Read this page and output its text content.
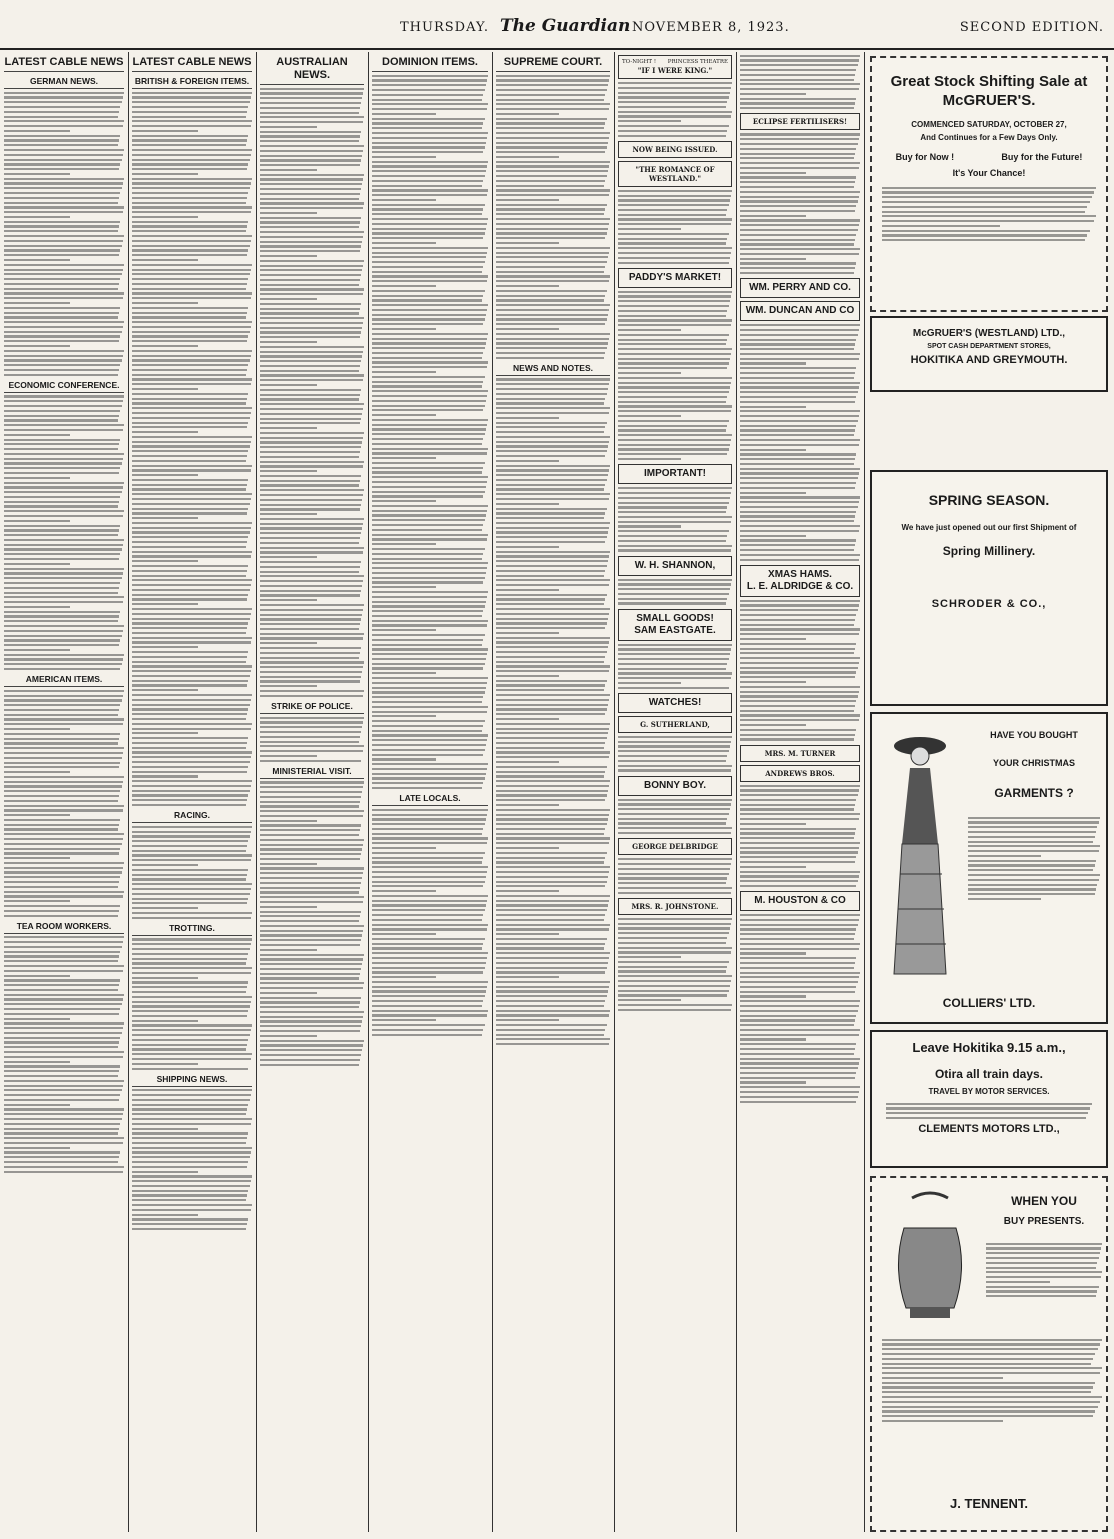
THURSDAY. The Guardian NOVEMBER 8, 1923.	SECOND EDITION.
LATEST CABLE NEWS
GERMAN NEWS.
ECONOMIC CONFERENCE.
AMERICAN ITEMS.
TEA ROOM WORKERS.
LATEST CABLE NEWS
BRITISH & FOREIGN ITEMS.
RACING.
TROTTING.
SHIPPING NEWS.
AUSTRALIAN NEWS.
STRIKE OF POLICE.
MINISTERIAL VISIT.
DOMINION ITEMS.
LATE LOCALS.
SUPREME COURT.
NEWS AND NOTES.
TO-NIGHT ! PRINCESS THEATRE
"IF I WERE KING."
NOW BEING ISSUED.
"THE ROMANCE OF WESTLAND."
PADDY'S MARKET!
IMPORTANT!
W. H. SHANNON,
SMALL GOODS!
SAM EASTGATE.
WATCHES!
G. SUTHERLAND,
BONNY BOY.
GEORGE DELBRIDGE
MRS. R. JOHNSTONE.
ECLIPSE FERTILISERS!
WM. PERRY AND CO.
WM. DUNCAN AND CO
XMAS HAMS.
L. E. ALDRIDGE & CO.
MRS. M. TURNER
ANDREWS BROS.
M. HOUSTON & CO
Great Stock Shifting Sale at McGRUER'S.
COMMENCED SATURDAY, OCTOBER 27,
And Continues for a Few Days Only.
Buy for Now !	Buy for the Future!
It's Your Chance!
McGRUER'S (WESTLAND) LTD.,
SPOT CASH DEPARTMENT STORES,
HOKITIKA AND GREYMOUTH.
SPRING SEASON.
We have just opened out our first Shipment of
Spring Millinery.
SCHRODER & CO.,
HAVE YOU BOUGHT
YOUR CHRISTMAS
GARMENTS ?
COLLIERS' LTD.
Leave Hokitika 9.15 a.m.,
Otira all train days.
TRAVEL BY MOTOR SERVICES.
CLEMENTS MOTORS LTD.,
WHEN YOU
BUY PRESENTS.
J. TENNENT.
